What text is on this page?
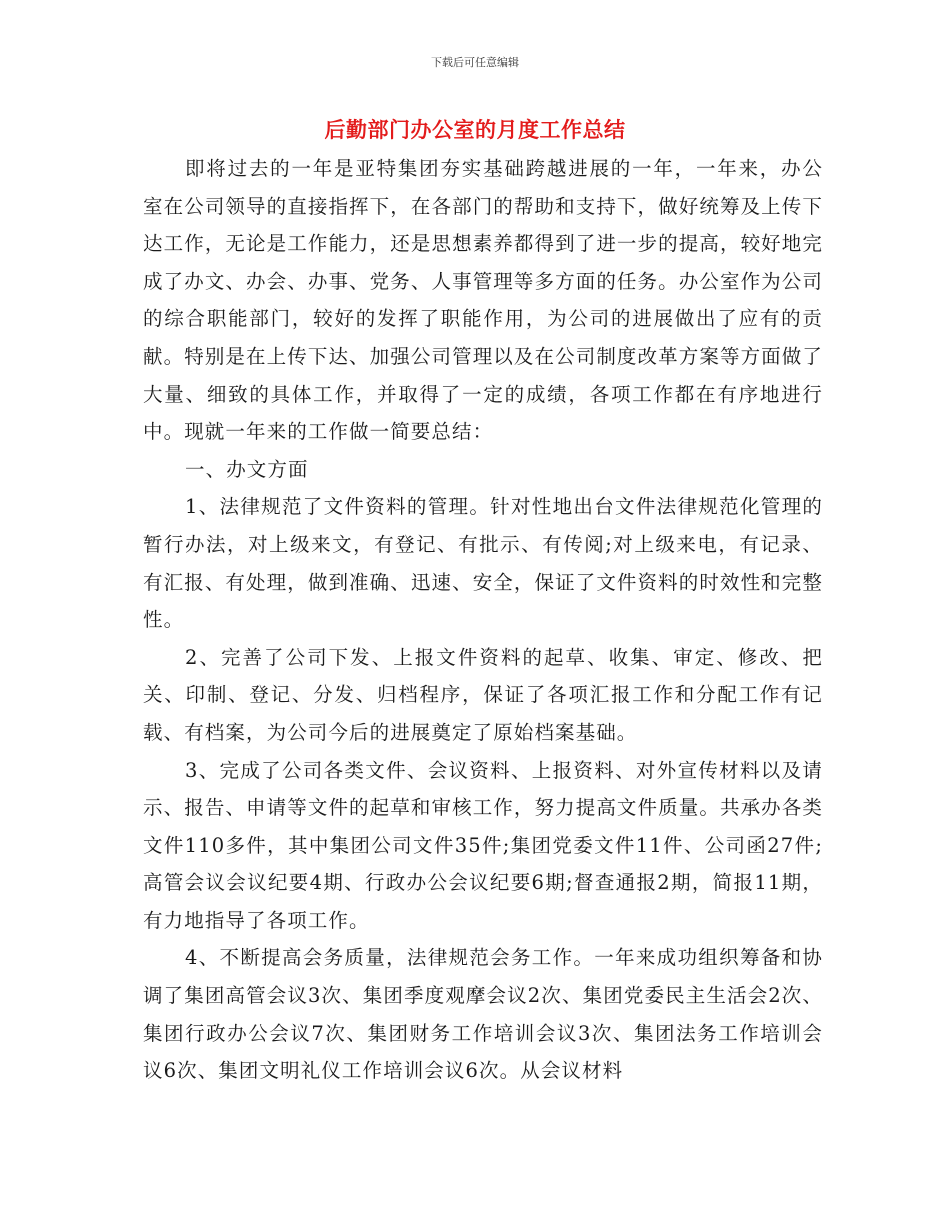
下载后可任意编辑
后勤部门办公室的月度工作总结

即将过去的一年是亚特集团夯实基础跨越进展的一年，一年来，办公室在公司领导的直接指挥下，在各部门的帮助和支持下，做好统筹及上传下达工作，无论是工作能力，还是思想素养都得到了进一步的提高，较好地完成了办文、办会、办事、党务、人事管理等多方面的任务。办公室作为公司的综合职能部门，较好的发挥了职能作用，为公司的进展做出了应有的贡献。特别是在上传下达、加强公司管理以及在公司制度改革方案等方面做了大量、细致的具体工作，并取得了一定的成绩，各项工作都在有序地进行中。现就一年来的工作做一简要总结：

一、办文方面

1、法律规范了文件资料的管理。针对性地出台文件法律规范化管理的暂行办法，对上级来文，有登记、有批示、有传阅;对上级来电，有记录、有汇报、有处理，做到准确、迅速、安全，保证了文件资料的时效性和完整性。

2、完善了公司下发、上报文件资料的起草、收集、审定、修改、把关、印制、登记、分发、归档程序，保证了各项汇报工作和分配工作有记载、有档案，为公司今后的进展奠定了原始档案基础。

3、完成了公司各类文件、会议资料、上报资料、对外宣传材料以及请示、报告、申请等文件的起草和审核工作，努力提高文件质量。共承办各类文件110多件，其中集团公司文件35件;集团党委文件11件、公司函27件;高管会议会议纪要4期、行政办公会议纪要6期;督查通报2期，简报11期，有力地指导了各项工作。

4、不断提高会务质量，法律规范会务工作。一年来成功组织筹备和协调了集团高管会议3次、集团季度观摩会议2次、集团党委民主生活会2次、集团行政办公会议7次、集团财务工作培训会议3次、集团法务工作培训会议6次、集团文明礼仪工作培训会议6次。从会议材料
